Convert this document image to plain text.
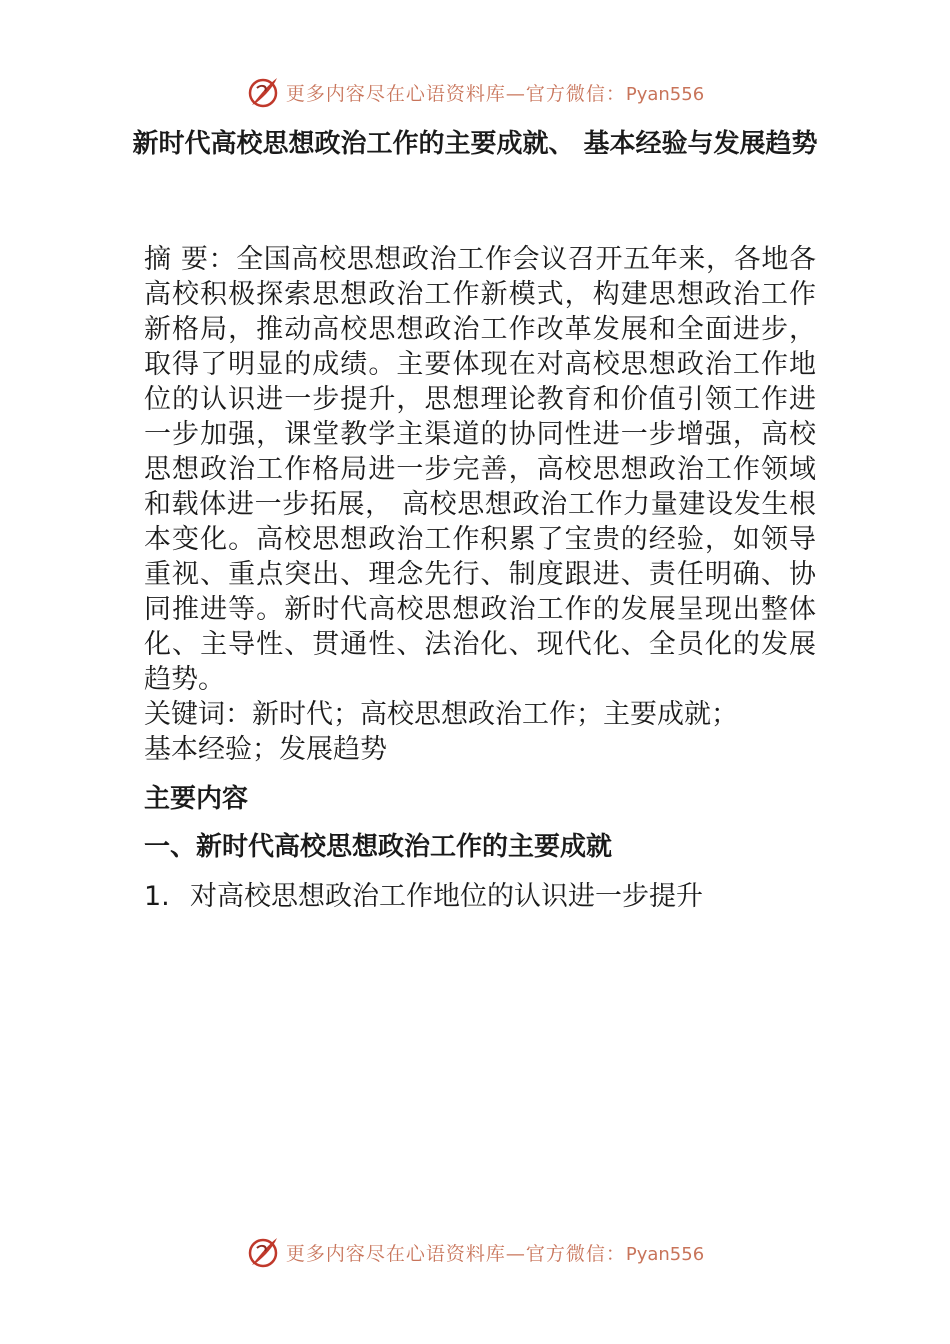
更多内容尽在心语资料库—官方微信：Pyan556
新时代高校思想政治工作的主要成就、 基本经验与发展趋势

摘 要：全国高校思想政治工作会议召开五年来，各地各高校积极探索思想政治工作新模式，构建思想政治工作新格局，推动高校思想政治工作改革发展和全面进步，取得了明显的成绩。主要体现在对高校思想政治工作地位的认识进一步提升，思想理论教育和价值引领工作进一步加强，课堂教学主渠道的协同性进一步增强，高校思想政治工作格局进一步完善，高校思想政治工作领域和载体进一步拓展， 高校思想政治工作力量建设发生根本变化。高校思想政治工作积累了宝贵的经验，如领导重视、重点突出、理念先行、制度跟进、责任明确、协同推进等。新时代高校思想政治工作的发展呈现出整体化、主导性、贯通性、法治化、现代化、全员化的发展趋势。

关键词：新时代；高校思想政治工作；主要成就；

基本经验；发展趋势

主要内容
一、新时代高校思想政治工作的主要成就

1. 对高校思想政治工作地位的认识进一步提升

更多内容尽在心语资料库—官方微信：Pyan556
